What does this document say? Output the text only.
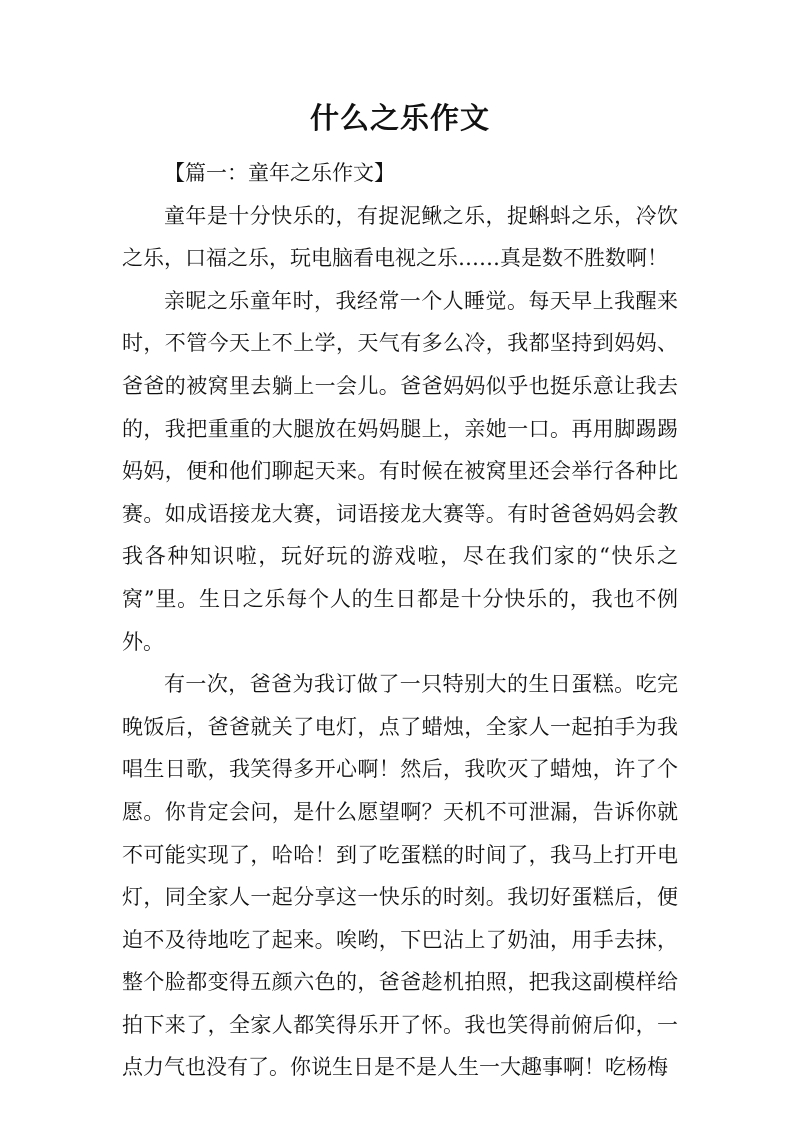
什么之乐作文

【篇一：童年之乐作文】

童年是十分快乐的，有捉泥鳅之乐，捉蝌蚪之乐，冷饮之乐，口福之乐，玩电脑看电视之乐……真是数不胜数啊！

亲昵之乐童年时，我经常一个人睡觉。每天早上我醒来时，不管今天上不上学，天气有多么冷，我都坚持到妈妈、爸爸的被窝里去躺上一会儿。爸爸妈妈似乎也挺乐意让我去的，我把重重的大腿放在妈妈腿上，亲她一口。再用脚踢踢妈妈，便和他们聊起天来。有时候在被窝里还会举行各种比赛。如成语接龙大赛，词语接龙大赛等。有时爸爸妈妈会教我各种知识啦，玩好玩的游戏啦，尽在我们家的“快乐之窝”里。生日之乐每个人的生日都是十分快乐的，我也不例外。

有一次，爸爸为我订做了一只特别大的生日蛋糕。吃完晚饭后，爸爸就关了电灯，点了蜡烛，全家人一起拍手为我唱生日歌，我笑得多开心啊！然后，我吹灭了蜡烛，许了个愿。你肯定会问，是什么愿望啊？天机不可泄漏，告诉你就不可能实现了，哈哈！到了吃蛋糕的时间了，我马上打开电灯，同全家人一起分享这一快乐的时刻。我切好蛋糕后，便迫不及待地吃了起来。唉哟，下巴沾上了奶油，用手去抹，整个脸都变得五颜六色的，爸爸趁机拍照，把我这副模样给拍下来了，全家人都笑得乐开了怀。我也笑得前俯后仰，一点力气也没有了。你说生日是不是人生一大趣事啊！吃杨梅
